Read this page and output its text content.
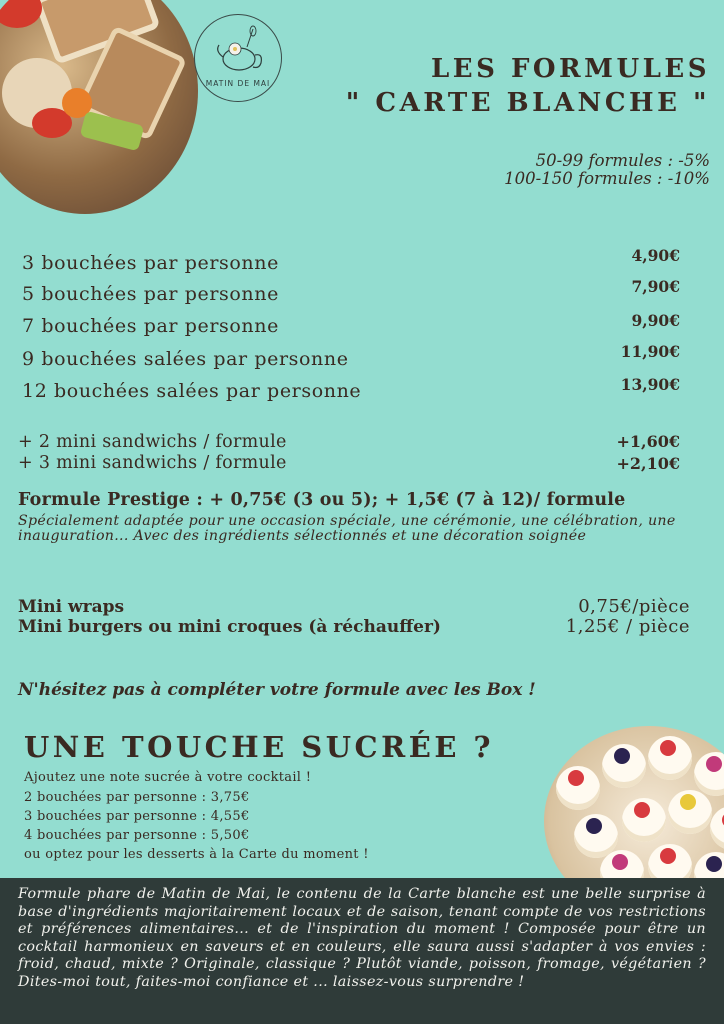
MATIN DE MAI	LES FORMULES
" CARTE BLANCHE "
50-99 formules : -5%
100-150 formules : -10%
3 bouchées par personne	4,90€
5 bouchées par personne	7,90€
7 bouchées par personne	9,90€
9 bouchées salées par personne	11,90€
12 bouchées salées par personne	13,90€
+ 2 mini sandwichs / formule	+1,60€
+ 3 mini sandwichs / formule	+2,10€
Formule Prestige : + 0,75€ (3 ou 5); + 1,5€ (7 à 12)/ formule
Spécialement adaptée pour une occasion spéciale, une cérémonie, une célébration, une inauguration... Avec des ingrédients sélectionnés et une décoration soignée
Mini wraps	0,75€/pièce
Mini burgers ou mini croques (à réchauffer)	1,25€ / pièce
N'hésitez pas à compléter votre formule avec les Box !
UNE TOUCHE SUCRÉE ?
Ajoutez une note sucrée à votre cocktail !
2 bouchées par personne : 3,75€
3 bouchées par personne : 4,55€
4 bouchées par personne : 5,50€
ou optez pour les desserts à la Carte du moment !
Formule phare de Matin de Mai, le contenu de la Carte blanche est une belle surprise à base d'ingrédients majoritairement locaux et de saison, tenant compte de vos restrictions et préférences alimentaires... et de l'inspiration du moment ! Composée pour être un cocktail harmonieux en saveurs et en couleurs, elle saura aussi s'adapter à vos envies : froid, chaud, mixte ? Originale, classique ? Plutôt viande, poisson, fromage, végétarien ? Dites-moi tout, faites-moi confiance et ... laissez-vous surprendre !
